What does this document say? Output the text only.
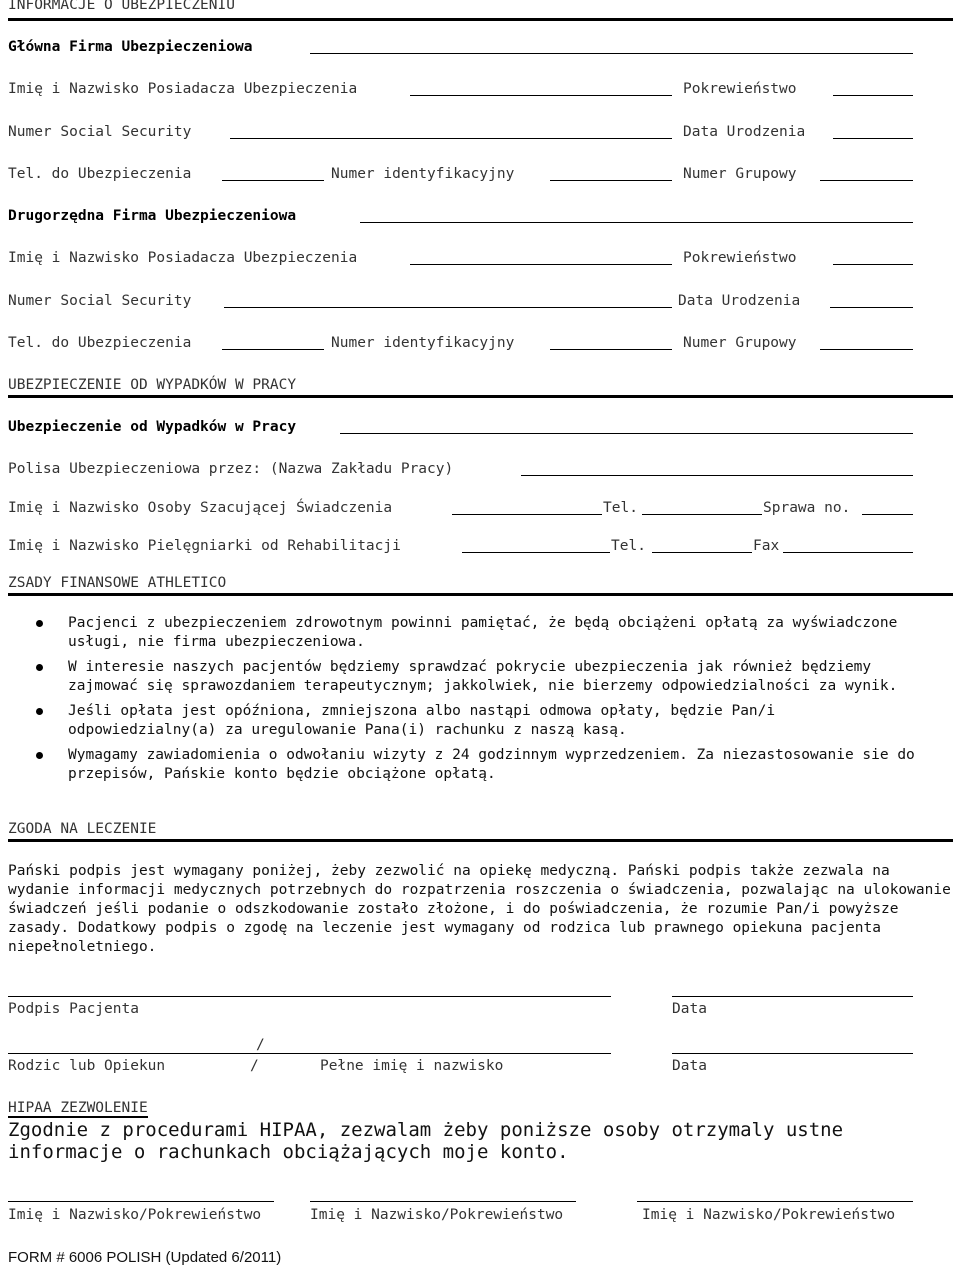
INFORMACJE O UBEZPIECZENIU
Główna Firma Ubezpieczeniowa
Imię i Nazwisko Posiadacza Ubezpieczenia	Pokrewieństwo
Numer Social Security	Data Urodzenia
Tel. do Ubezpieczenia	Numer identyfikacyjny	Numer Grupowy
Drugorzędna Firma Ubezpieczeniowa
Imię i Nazwisko Posiadacza Ubezpieczenia	Pokrewieństwo
Numer Social Security	Data Urodzenia
Tel. do Ubezpieczenia	Numer identyfikacyjny	Numer Grupowy
UBEZPIECZENIE OD WYPADKÓW W PRACY
Ubezpieczenie od Wypadków w Pracy
Polisa Ubezpieczeniowa przez: (Nazwa Zakładu Pracy)
Imię i Nazwisko Osoby Szacującej Świadczenia	Tel.	Sprawa no.
Imię i Nazwisko Pielęgniarki od Rehabilitacji	Tel.	Fax
ZSADY FINANSOWE ATHLETICO
Pacjenci z ubezpieczeniem zdrowotnym powinni pamiętać, że będą obciążeni opłatą za wyświadczone usługi, nie firma ubezpieczeniowa.
W interesie naszych pacjentów będziemy sprawdzać pokrycie ubezpieczenia jak również będziemy zajmować się sprawozdaniem terapeutycznym; jakkolwiek, nie bierzemy odpowiedzialności za wynik.
Jeśli opłata jest opóźniona, zmniejszona albo nastąpi odmowa opłaty, będzie Pan/i odpowiedzialny(a) za uregulowanie Pana(i) rachunku z naszą kasą.
Wymagamy zawiadomienia o odwołaniu wizyty z 24 godzinnym wyprzedzeniem. Za niezastosowanie sie do przepisów, Pańskie konto będzie obciążone opłatą.
ZGODA NA LECZENIE
Pański podpis jest wymagany poniżej, żeby zezwolić na opiekę medyczną. Pański podpis także zezwala na wydanie informacji medycznych potrzebnych do rozpatrzenia roszczenia o świadczenia, pozwalając na ulokowanie świadczeń jeśli podanie o odszkodowanie zostało złożone, i do poświadczenia, że rozumie Pan/i powyższe zasady. Dodatkowy podpis o zgodę na leczenie jest wymagany od rodzica lub prawnego opiekuna pacjenta niepełnoletniego.
Podpis Pacjenta	Data
/
Rodzic lub Opiekun	/	Pełne imię i nazwisko	Data
HIPAA ZEZWOLENIE
Zgodnie z procedurami HIPAA, zezwalam żeby poniższe osoby otrzymaly ustne informacje o rachunkach obciążających moje konto.
Imię i Nazwisko/Pokrewieństwo	Imię i Nazwisko/Pokrewieństwo	Imię i Nazwisko/Pokrewieństwo
FORM # 6006 POLISH (Updated 6/2011)
